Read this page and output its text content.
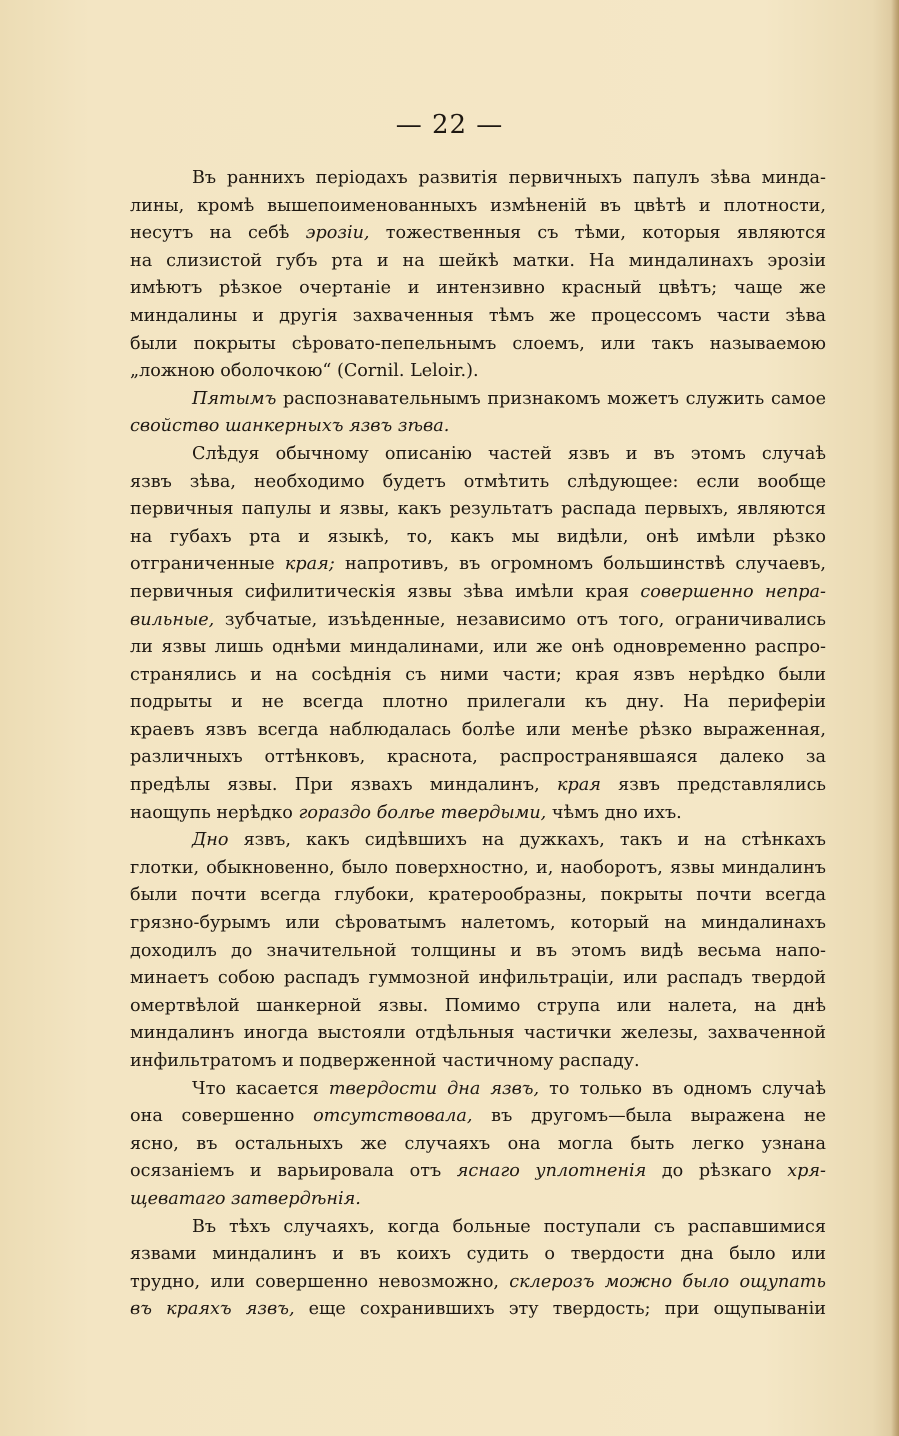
— 22 —
Въ раннихъ періодахъ развитія первичныхъ папулъ зѣва минда-
лины, кромѣ вышепоименованныхъ измѣненій въ цвѣтѣ и плотности,
несутъ на себѣ эрозіи, тожественныя съ тѣми, которыя являются
на слизистой губъ рта и на шейкѣ матки. На миндалинахъ эрозіи
имѣютъ рѣзкое очертаніе и интензивно красный цвѣтъ; чаще же
миндалины и другія захваченныя тѣмъ же процессомъ части зѣва
были покрыты сѣровато-пепельнымъ слоемъ, или такъ называемою
„ложною оболочкою“ (Cornil. Leloir.).
Пятымъ распознавательнымъ признакомъ можетъ служить самое
свойство шанкерныхъ язвъ зѣва.
Слѣдуя обычному описанію частей язвъ и въ этомъ случаѣ
язвъ зѣва, необходимо будетъ отмѣтить слѣдующее: если вообще
первичныя папулы и язвы, какъ результатъ распада первыхъ, являются
на губахъ рта и языкѣ, то, какъ мы видѣли, онѣ имѣли рѣзко
отграниченные края; напротивъ, въ огромномъ большинствѣ случаевъ,
первичныя сифилитическія язвы зѣва имѣли края совершенно непра-
вильные, зубчатые, изъѣденные, независимо отъ того, ограничивались
ли язвы лишь однѣми миндалинами, или же онѣ одновременно распро-
странялись и на сосѣднія съ ними части; края язвъ нерѣдко были
подрыты и не всегда плотно прилегали къ дну. На периферіи
краевъ язвъ всегда наблюдалась болѣе или менѣе рѣзко выраженная,
различныхъ оттѣнковъ, краснота, распространявшаяся далеко за
предѣлы язвы. При язвахъ миндалинъ, края язвъ представлялись
наощупь нерѣдко гораздо болѣе твердыми, чѣмъ дно ихъ.
Дно язвъ, какъ сидѣвшихъ на дужкахъ, такъ и на стѣнкахъ
глотки, обыкновенно, было поверхностно, и, наоборотъ, язвы миндалинъ
были почти всегда глубоки, кратерообразны, покрыты почти всегда
грязно-бурымъ или сѣроватымъ налетомъ, который на миндалинахъ
доходилъ до значительной толщины и въ этомъ видѣ весьма напо-
минаетъ собою распадъ гуммозной инфильтраціи, или распадъ твердой
омертвѣлой шанкерной язвы. Помимо струпа или налета, на днѣ
миндалинъ иногда выстояли отдѣльныя частички железы, захваченной
инфильтратомъ и подверженной частичному распаду.
Что касается твердости дна язвъ, то только въ одномъ случаѣ
она совершенно отсутствовала, въ другомъ—была выражена не
ясно, въ остальныхъ же случаяхъ она могла быть легко узнана
осязаніемъ и варьировала отъ яснаго уплотненія до рѣзкаго хря-
щеватаго затвердѣнія.
Въ тѣхъ случаяхъ, когда больные поступали съ распавшимися
язвами миндалинъ и въ коихъ судить о твердости дна было или
трудно, или совершенно невозможно, склерозъ можно было ощупать
въ краяхъ язвъ, еще сохранившихъ эту твердость; при ощупываніи
